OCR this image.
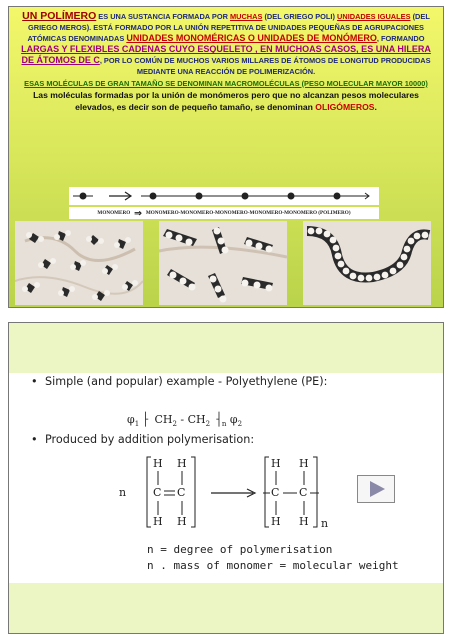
UN POLÍMERO ES UNA SUSTANCIA FORMADA POR MUCHAS (DEL GRIEGO POLI) UNIDADES IGUALES (DEL GRIEGO MEROS). ESTÁ FORMADO POR LA UNIÓN REPETITIVA DE UNIDADES PEQUEÑAS DE AGRUPACIONES ATÓMICAS DENOMINADAS UNIDADES MONOMÉRICAS O UNIDADES DE MONÓMERO, FORMANDO LARGAS Y FLEXIBLES CADENAS CUYO ESQUELETO , EN MUCHOAS CASOS, ES UNA HILERA DE ÁTOMOS DE C, POR LO COMÚN DE MUCHOS VARIOS MILLARES DE ÁTOMOS DE LONGITUD PRODUCIDAS MEDIANTE UNA REACCIÓN DE POLIMERIZACIÓN.
ESAS MOLÉCULAS DE GRAN TAMAÑO SE DENOMINAN MACROMOLÉCULAS (PESO MOLECULAR MAYOR 10000)
Las moléculas formadas por la unión de monómeros pero que no alcanzan pesos moleculares elevados, es decir son de pequeño tamaño, se denominan OLIGÓMEROS.
MONOMERO ⇒ MONOMERO-MONOMERO-MONOMERO-MONOMERO-MONOMERO (POLIMERO)
• Simple (and popular) example - Polyethylene (PE):
$\varphi_1$ ⸠ $CH_2 - CH_2$ $⸡_n$ $\varphi_2$
• Produced by addition polymerisation:
n
H H
C C
H H
H H
C C
H H n
n = degree of polymerisation
n . mass of monomer = molecular weight
